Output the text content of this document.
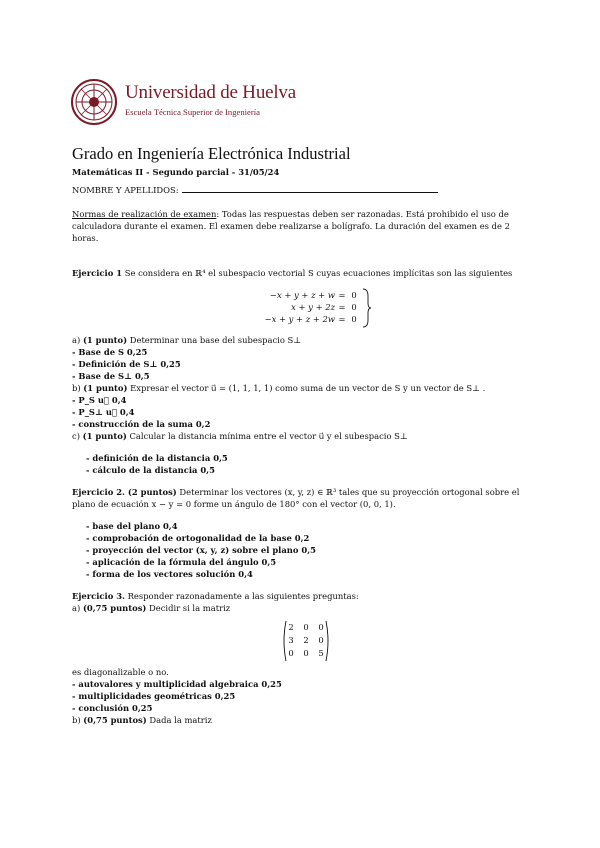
Universidad de Huelva
Escuela Técnica Superior de Ingeniería
Grado en Ingeniería Electrónica Industrial
Matemáticas II - Segundo parcial - 31/05/24
NOMBRE Y APELLIDOS:
Normas de realización de examen: Todas las respuestas deben ser razonadas. Está prohibido el uso de
calculadora durante el examen. El examen debe realizarse a bolígrafo. La duración del examen es de 2
horas.
Ejercicio 1 Se considera en ℝ⁴ el subespacio vectorial S cuyas ecuaciones implícitas son las siguientes
−x + y + z + w = 0
x + y + 2z = 0
−x + y + z + 2w = 0
a) (1 punto) Determinar una base del subespacio S⊥
- Base de S 0,25
- Definición de S⊥ 0,25
- Base de S⊥ 0,5
b) (1 punto) Expresar el vector u⃗ = (1, 1, 1, 1) como suma de un vector de S y un vector de S⊥ .
- P_S u⃗ 0,4
- P_S⊥ u⃗ 0,4
- construcción de la suma 0,2
c) (1 punto) Calcular la distancia mínima entre el vector u⃗ y el subespacio S⊥
- definición de la distancia 0,5
- cálculo de la distancia 0,5
Ejercicio 2. (2 puntos) Determinar los vectores (x, y, z) ∈ ℝ³ tales que su proyección ortogonal sobre el
plano de ecuación x − y = 0 forme un ángulo de 180° con el vector (0, 0, 1).
- base del plano 0,4
- comprobación de ortogonalidad de la base 0,2
- proyección del vector (x, y, z) sobre el plano 0,5
- aplicación de la fórmula del ángulo 0,5
- forma de los vectores solución 0,4
Ejercicio 3. Responder razonadamente a las siguientes preguntas:
a) (0,75 puntos) Decidir si la matriz
2	0	0
3	2	0
0	0	5
es diagonalizable o no.
- autovalores y multiplicidad algebraica 0,25
- multiplicidades geométricas 0,25
- conclusión 0,25
b) (0,75 puntos) Dada la matriz
